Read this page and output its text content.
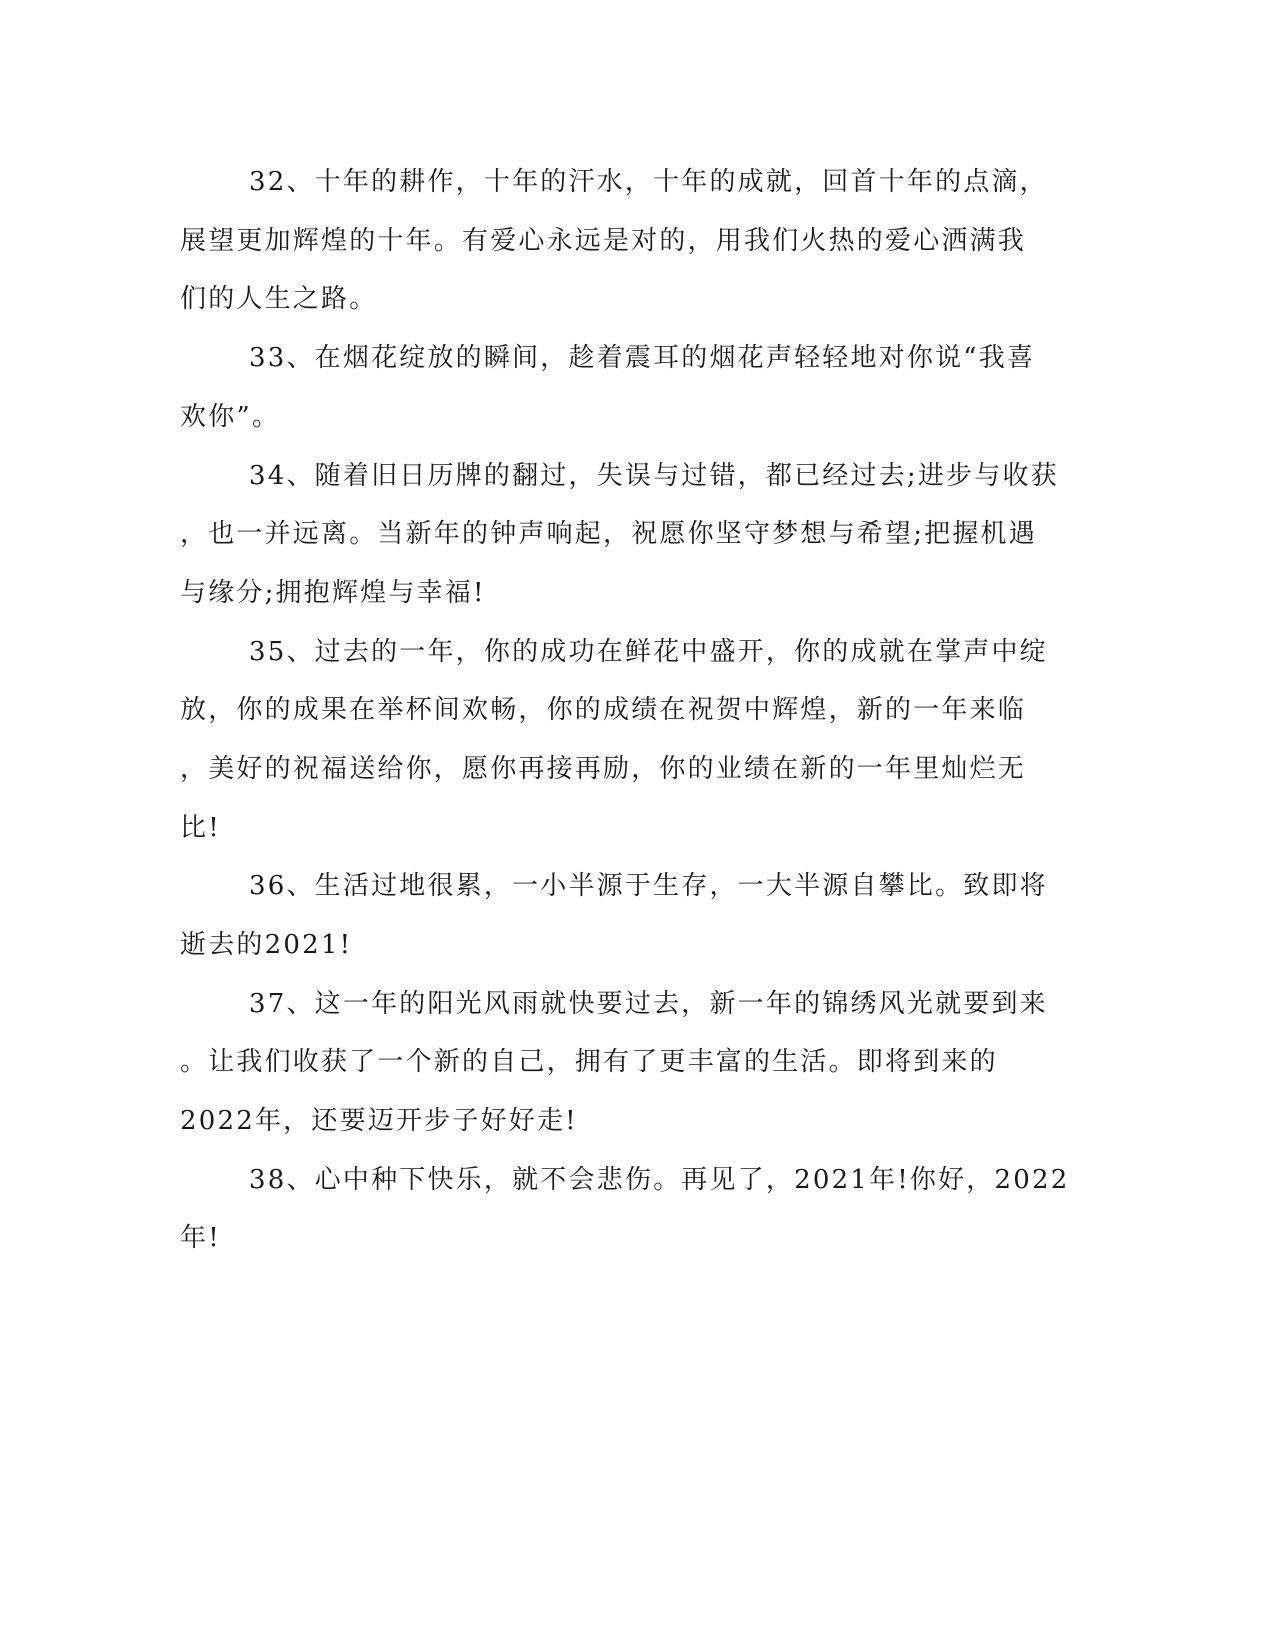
32、十年的耕作，十年的汗水，十年的成就，回首十年的点滴，
展望更加辉煌的十年。有爱心永远是对的，用我们火热的爱心洒满我
们的人生之路。
33、在烟花绽放的瞬间，趁着震耳的烟花声轻轻地对你说“我喜
欢你”。
34、随着旧日历牌的翻过，失误与过错，都已经过去;进步与收获
，也一并远离。当新年的钟声响起，祝愿你坚守梦想与希望;把握机遇
与缘分;拥抱辉煌与幸福!
35、过去的一年，你的成功在鲜花中盛开，你的成就在掌声中绽
放，你的成果在举杯间欢畅，你的成绩在祝贺中辉煌，新的一年来临
，美好的祝福送给你，愿你再接再励，你的业绩在新的一年里灿烂无
比!
36、生活过地很累，一小半源于生存，一大半源自攀比。致即将
逝去的2021!
37、这一年的阳光风雨就快要过去，新一年的锦绣风光就要到来
。让我们收获了一个新的自己，拥有了更丰富的生活。即将到来的
2022年，还要迈开步子好好走!
38、心中种下快乐，就不会悲伤。再见了，2021年!你好，2022
年!
